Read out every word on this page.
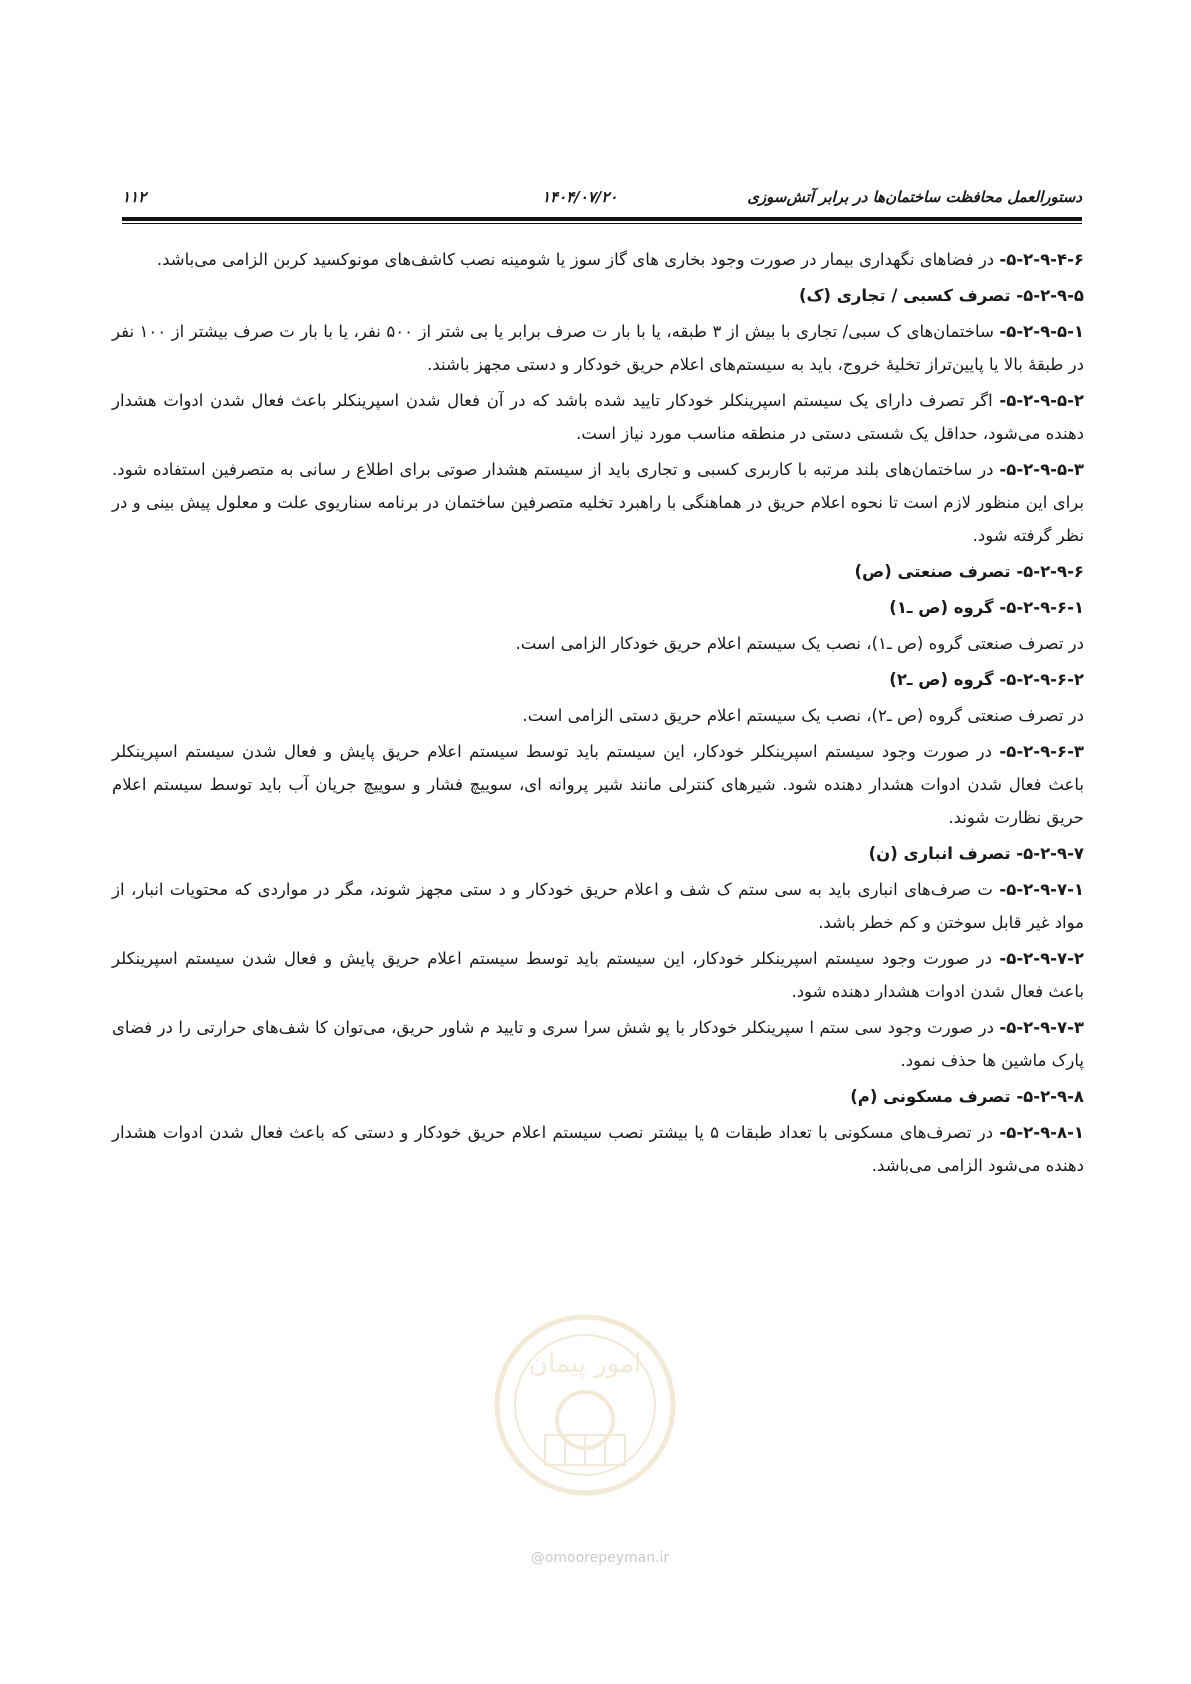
۱۱۲	۱۴۰۴/۰۷/۲۰	دستورالعمل محافظت ساختمان‌ها در برابر آتش‌سوزی

۵-۲-۹-۴-۶- در فضاهای نگهداری بیمار در صورت وجود بخاری های گاز سوز یا شومینه نصب کاشف‌های مونوکسید کربن الزامی می‌باشد.

۵-۲-۹-۵- تصرف کسبی / تجاری (ک)

۵-۲-۹-۵-۱- ساختمان‌های ک سبی/ تجاری با بیش از ۳ طبقه، یا با بار ت صرف برابر یا بی شتر از ۵۰۰ نفر، یا با بار ت صرف بیشتر از ۱۰۰ نفر در طبقهٔ بالا یا پایین‌تراز تخلیهٔ خروج، باید به سیستم‌های اعلام حریق خودکار و دستی مجهز باشند.

۵-۲-۹-۵-۲- اگر تصرف دارای یک سیستم اسپرینکلر خودکار تایید شده باشد که در آن فعال شدن اسپرینکلر باعث فعال شدن ادوات هشدار دهنده می‌شود، حداقل یک شستی دستی در منطقه مناسب مورد نیاز است.

۵-۲-۹-۵-۳- در ساختمان‌های بلند مرتبه با کاربری کسبی و تجاری باید از سیستم هشدار صوتی برای اطلاع ر سانی به متصرفین استفاده شود. برای این منظور لازم است تا نحوه اعلام حریق در هماهنگی با راهبرد تخلیه متصرفین ساختمان در برنامه سناریوی علت و معلول پیش بینی و در نظر گرفته شود.

۵-۲-۹-۶- تصرف صنعتی (ص)

۵-۲-۹-۶-۱- گروه (ص ـ۱)

در تصرف صنعتی گروه (ص ـ۱)، نصب یک سیستم اعلام حریق خودکار الزامی است.

۵-۲-۹-۶-۲- گروه (ص ـ۲)

در تصرف صنعتی گروه (ص ـ۲)، نصب یک سیستم اعلام حریق دستی الزامی است.

۵-۲-۹-۶-۳- در صورت وجود سیستم اسپرینکلر خودکار، این سیستم باید توسط سیستم اعلام حریق پایش و فعال شدن سیستم اسپرینکلر باعث فعال شدن ادوات هشدار دهنده شود. شیرهای کنترلی مانند شیر پروانه ای، سوییچ فشار و سوییچ جریان آب باید توسط سیستم اعلام حریق نظارت شوند.

۵-۲-۹-۷- تصرف انباری (ن)

۵-۲-۹-۷-۱- ت صرف‌های انباری باید به سی ستم ک شف و اعلام حریق خودکار و د ستی مجهز شوند، مگر در مواردی که محتویات انبار، از مواد غیر قابل سوختن و کم خطر باشد.

۵-۲-۹-۷-۲- در صورت وجود سیستم اسپرینکلر خودکار، این سیستم باید توسط سیستم اعلام حریق پایش و فعال شدن سیستم اسپرینکلر باعث فعال شدن ادوات هشدار دهنده شود.

۵-۲-۹-۷-۳- در صورت وجود سی ستم ا سپرینکلر خودکار با پو شش سرا سری و تایید م شاور حریق، می‌توان کا شف‌های حرارتی را در فضای پارک ماشین ها حذف نمود.

۵-۲-۹-۸- تصرف مسکونی (م)

۵-۲-۹-۸-۱- در تصرف‌های مسکونی با تعداد طبقات ۵ یا بیشتر نصب سیستم اعلام حریق خودکار و دستی که باعث فعال شدن ادوات هشدار دهنده می‌شود الزامی می‌باشد.

امور پیمان
@omoorepeyman.ir
